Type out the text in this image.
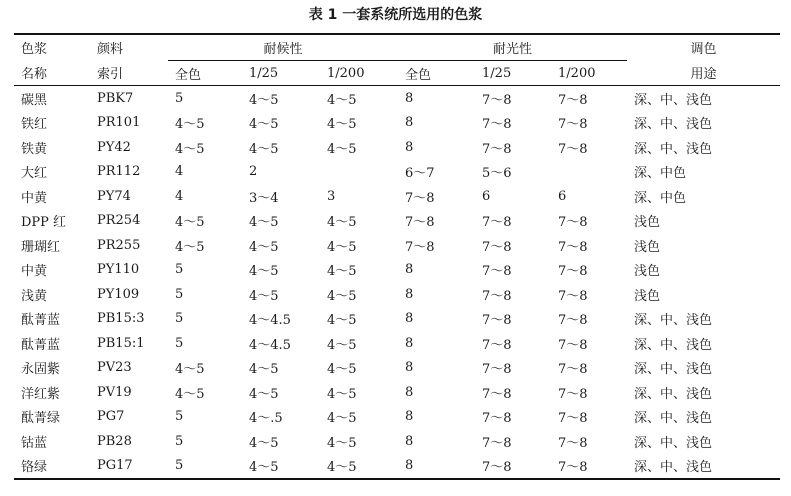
表 1 一套系统所选用的色浆
色浆	颜料	耐候性			耐光性			调色
名称	索引	全色	1/25	1/200	全色	1/25	1/200	用途
碳黑	PBK7	5	4～5	4～5	8	7～8	7～8	深、中、浅色
铁红	PR101	4～5	4～5	4～5	8	7～8	7～8	深、中、浅色
铁黄	PY42	4～5	4～5	4～5	8	7～8	7～8	深、中、浅色
大红	PR112	4	2		6～7	5～6		深、中色
中黄	PY74	4	3～4	3	7～8	6	6	深、中色
DPP 红	PR254	4～5	4～5	4～5	7～8	7～8	7～8	浅色
珊瑚红	PR255	4～5	4～5	4～5	7～8	7～8	7～8	浅色
中黄	PY110	5	4～5	4～5	8	7～8	7～8	浅色
浅黄	PY109	5	4～5	4～5	8	7～8	7～8	浅色
酞菁蓝	PB15:3	5	4～4.5	4～5	8	7～8	7～8	深、中、浅色
酞菁蓝	PB15:1	5	4～4.5	4～5	8	7～8	7～8	深、中、浅色
永固紫	PV23	4～5	4～5	4～5	8	7～8	7～8	深、中、浅色
洋红紫	PV19	4～5	4～5	4～5	8	7～8	7～8	深、中、浅色
酞菁绿	PG7	5	4～.5	4～5	8	7～8	7～8	深、中、浅色
钴蓝	PB28	5	4～5	4～5	8	7～8	7～8	深、中、浅色
铬绿	PG17	5	4～5	4～5	8	7～8	7～8	深、中、浅色
